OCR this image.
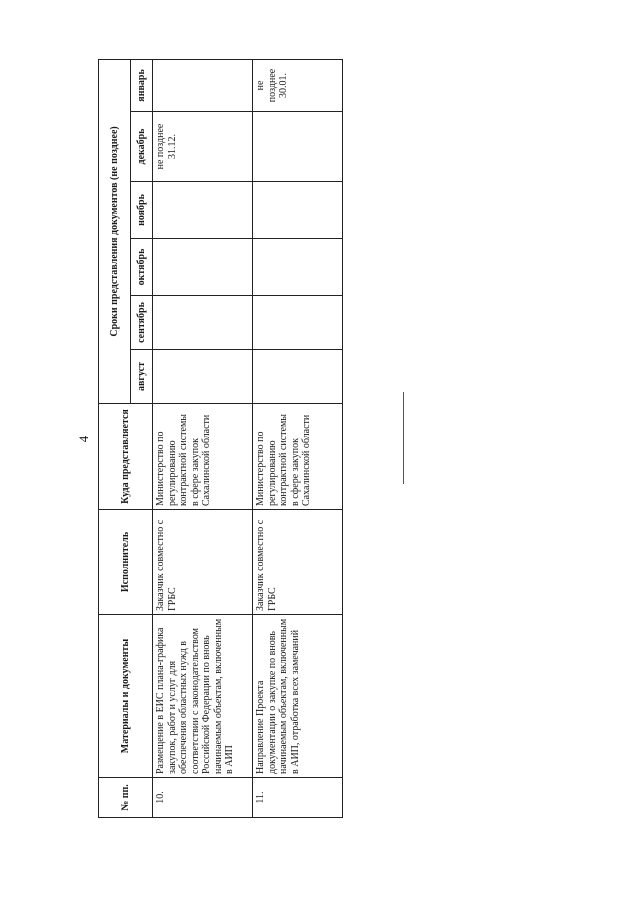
4
№ пп.	Материалы и документы	Исполнитель	Куда представляется	Сроки представления документов (не позднее)					
				август	сентябрь	октябрь	ноябрь	декабрь	январь
10.	Размещение в ЕИС плана-графика закупок, работ и услуг для обеспечения областных нужд в соответствии с законодательством Российской Федерации по вновь начинаемым объектам, включенным в АИП	Заказчик совместно с ГРБС	Министерство по регулированию контрактной системы в сфере закупок Сахалинской области					не позднее 31.12.	
11.	Направление Проекта документации о закупке по вновь начинаемым объектам, включенным в АИП, отработка всех замечаний	Заказчик совместно с ГРБС	Министерство по регулированию контрактной системы в сфере закупок Сахалинской области						не позднее 30.01.
